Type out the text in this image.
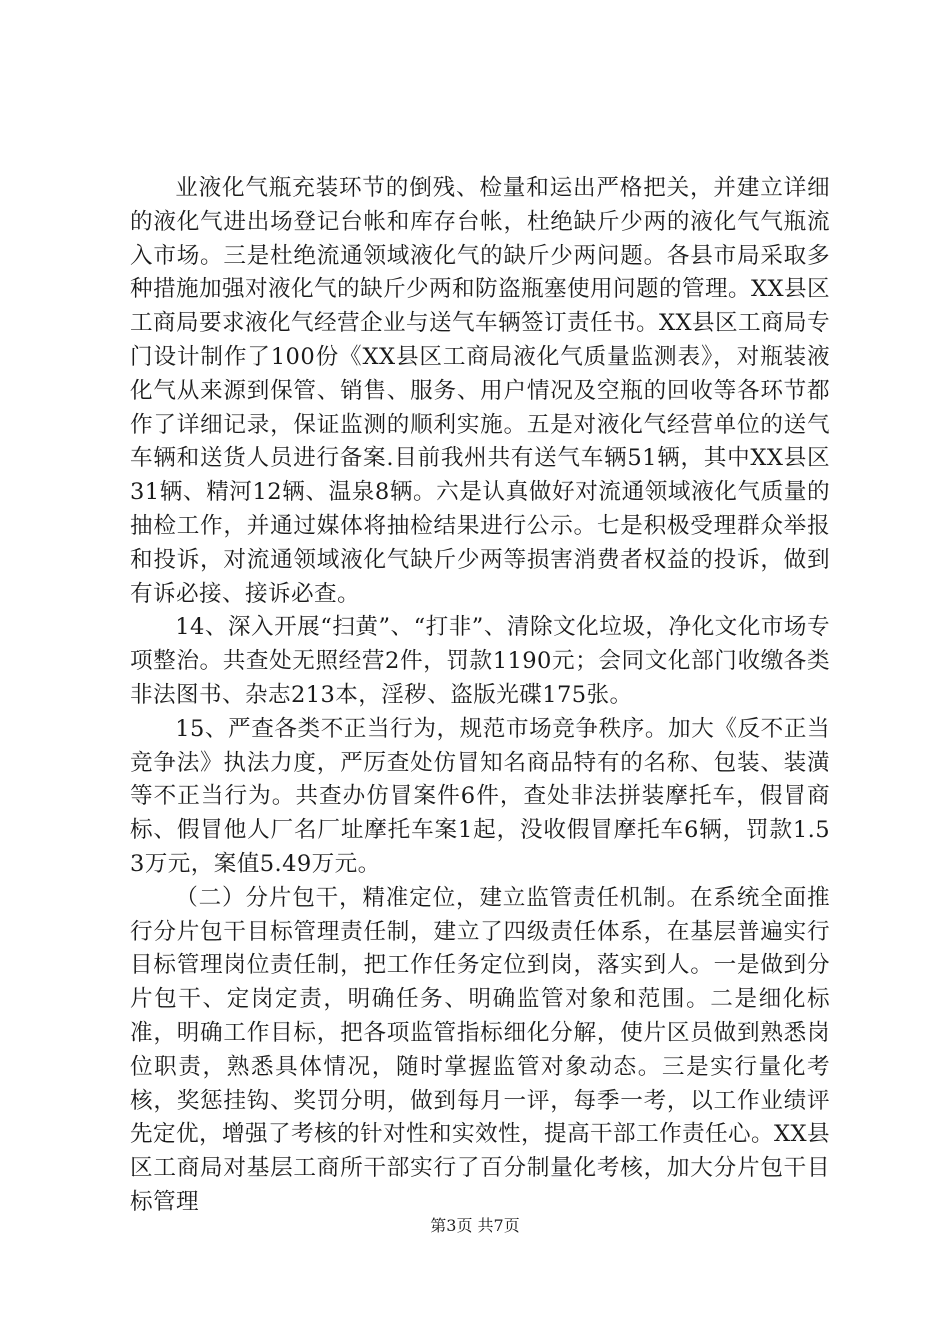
业液化气瓶充装环节的倒残、检量和运出严格把关，并建立详细的液化气进出场登记台帐和库存台帐，杜绝缺斤少两的液化气气瓶流入市场。三是杜绝流通领域液化气的缺斤少两问题。各县市局采取多种措施加强对液化气的缺斤少两和防盗瓶塞使用问题的管理。XX县区工商局要求液化气经营企业与送气车辆签订责任书。XX县区工商局专门设计制作了100份《XX县区工商局液化气质量监测表》，对瓶装液化气从来源到保管、销售、服务、用户情况及空瓶的回收等各环节都作了详细记录，保证监测的顺利实施。五是对液化气经营单位的送气车辆和送货人员进行备案.目前我州共有送气车辆51辆，其中XX县区31辆、精河12辆、温泉8辆。六是认真做好对流通领域液化气质量的抽检工作，并通过媒体将抽检结果进行公示。七是积极受理群众举报和投诉，对流通领域液化气缺斤少两等损害消费者权益的投诉，做到有诉必接、接诉必查。

14、深入开展“扫黄”、“打非”、清除文化垃圾，净化文化市场专项整治。共查处无照经营2件，罚款1190元；会同文化部门收缴各类非法图书、杂志213本，淫秽、盗版光碟175张。

15、严查各类不正当行为，规范市场竞争秩序。加大《反不正当竞争法》执法力度，严厉查处仿冒知名商品特有的名称、包装、装潢等不正当行为。共查办仿冒案件6件，查处非法拼装摩托车，假冒商标、假冒他人厂名厂址摩托车案1起，没收假冒摩托车6辆，罚款1.53万元，案值5.49万元。

（二）分片包干，精准定位，建立监管责任机制。在系统全面推行分片包干目标管理责任制，建立了四级责任体系，在基层普遍实行目标管理岗位责任制，把工作任务定位到岗，落实到人。一是做到分片包干、定岗定责，明确任务、明确监管对象和范围。二是细化标准，明确工作目标，把各项监管指标细化分解，使片区员做到熟悉岗位职责，熟悉具体情况，随时掌握监管对象动态。三是实行量化考核，奖惩挂钩、奖罚分明，做到每月一评，每季一考，以工作业绩评先定优，增强了考核的针对性和实效性，提高干部工作责任心。XX县区工商局对基层工商所干部实行了百分制量化考核，加大分片包干目标管理

第3页 共7页
